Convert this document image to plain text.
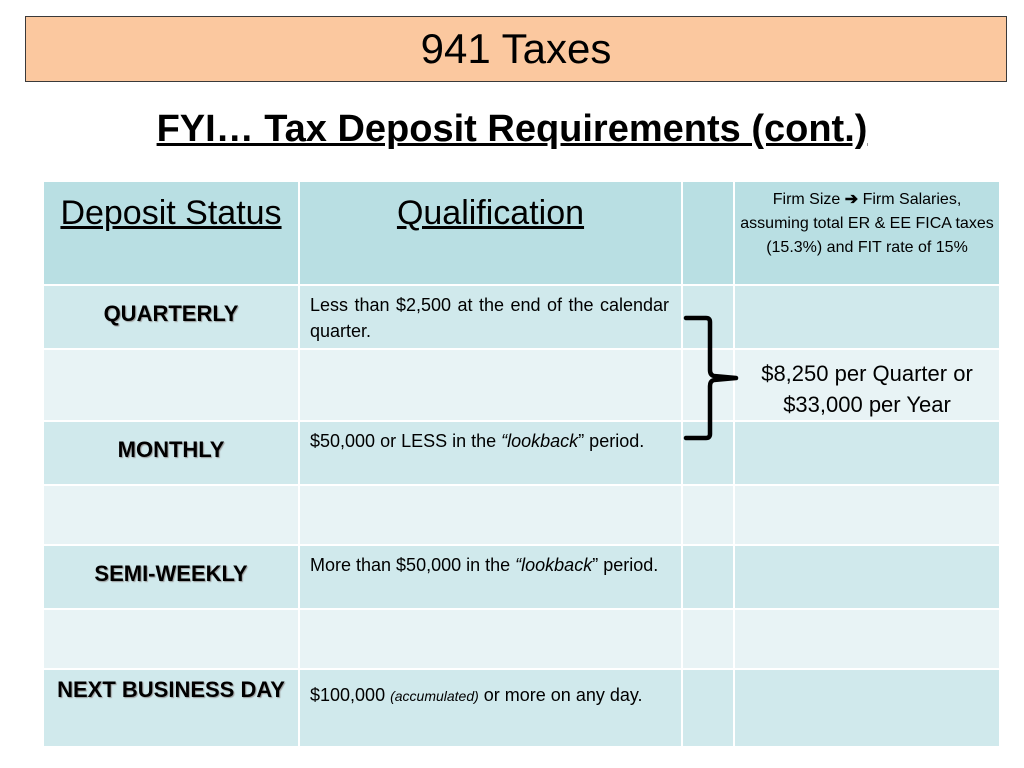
941 Taxes
FYI… Tax Deposit Requirements (cont.)
Deposit Status	Qualification		Firm Size ➔ Firm Salaries, assuming total ER & EE FICA taxes (15.3%) and FIT rate of 15%
QUARTERLY	Less than $2,500 at the end of the calendar quarter.		
			$8,250 per Quarter or $33,000 per Year
MONTHLY	$50,000 or LESS in the “lookback” period.		

SEMI-WEEKLY	More than $50,000 in the “lookback” period.		

NEXT BUSINESS DAY	$100,000 (accumulated) or more on any day.		
